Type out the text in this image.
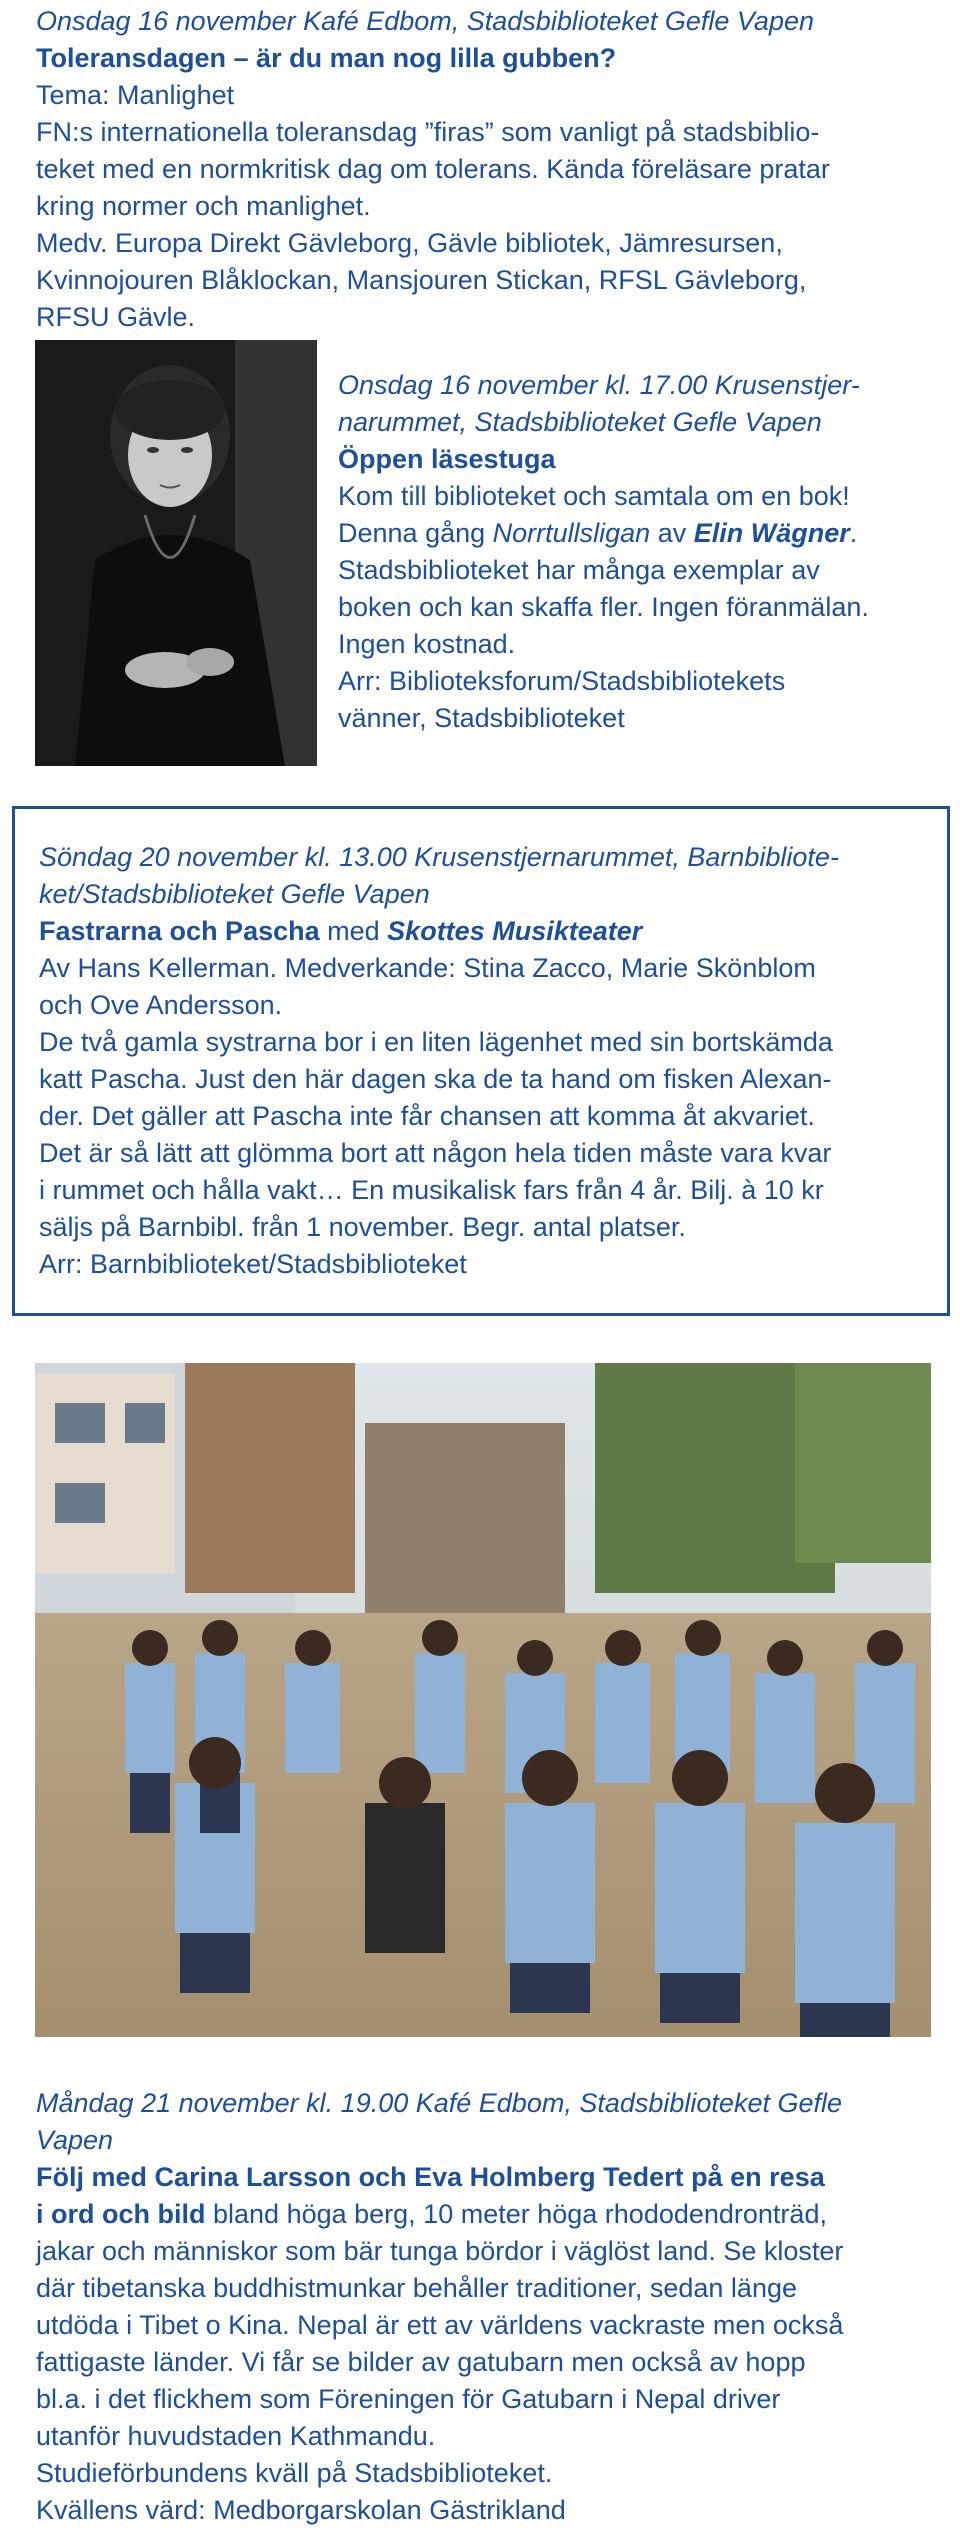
Onsdag 16 november Kafé Edbom, Stadsbiblioteket Gefle Vapen
Toleransdagen – är du man nog lilla gubben?
Tema: Manlighet
FN:s internationella toleransdag ”firas” som vanligt på stadsbiblio-
teket med en normkritisk dag om tolerans. Kända föreläsare pratar
kring normer och manlighet.
Medv. Europa Direkt Gävleborg, Gävle bibliotek, Jämresursen,
Kvinnojouren Blåklockan, Mansjouren Stickan, RFSL Gävleborg,
RFSU Gävle.
Onsdag 16 november kl. 17.00 Krusenstjer-
narummet, Stadsbiblioteket Gefle Vapen
Öppen läsestuga
Kom till biblioteket och samtala om en bok!
Denna gång Norrtullsligan av Elin Wägner.
Stadsbiblioteket har många exemplar av
boken och kan skaffa fler. Ingen föranmälan.
Ingen kostnad.
Arr: Biblioteksforum/Stadsbibliotekets
vänner, Stadsbiblioteket
Söndag 20 november kl. 13.00 Krusenstjernarummet, Barnbibliote-
ket/Stadsbiblioteket Gefle Vapen
Fastrarna och Pascha med Skottes Musikteater
Av Hans Kellerman. Medverkande: Stina Zacco, Marie Skönblom
och Ove Andersson.
De två gamla systrarna bor i en liten lägenhet med sin bortskämda
katt Pascha. Just den här dagen ska de ta hand om fisken Alexan-
der. Det gäller att Pascha inte får chansen att komma åt akvariet.
Det är så lätt att glömma bort att någon hela tiden måste vara kvar
i rummet och hålla vakt… En musikalisk fars från 4 år. Bilj. à 10 kr
säljs på Barnbibl. från 1 november. Begr. antal platser.
Arr: Barnbiblioteket/Stadsbiblioteket
Måndag 21 november kl. 19.00 Kafé Edbom, Stadsbiblioteket Gefle
Vapen
Följ med Carina Larsson och Eva Holmberg Tedert på en resa
i ord och bild bland höga berg, 10 meter höga rhododendronträd,
jakar och människor som bär tunga bördor i väglöst land. Se kloster
där tibetanska buddhistmunkar behåller traditioner, sedan länge
utdöda i Tibet o Kina. Nepal är ett av världens vackraste men också
fattigaste länder. Vi får se bilder av gatubarn men också av hopp
bl.a. i det flickhem som Föreningen för Gatubarn i Nepal driver
utanför huvudstaden Kathmandu.
Studieförbundens kväll på Stadsbiblioteket.
Kvällens värd: Medborgarskolan Gästrikland
